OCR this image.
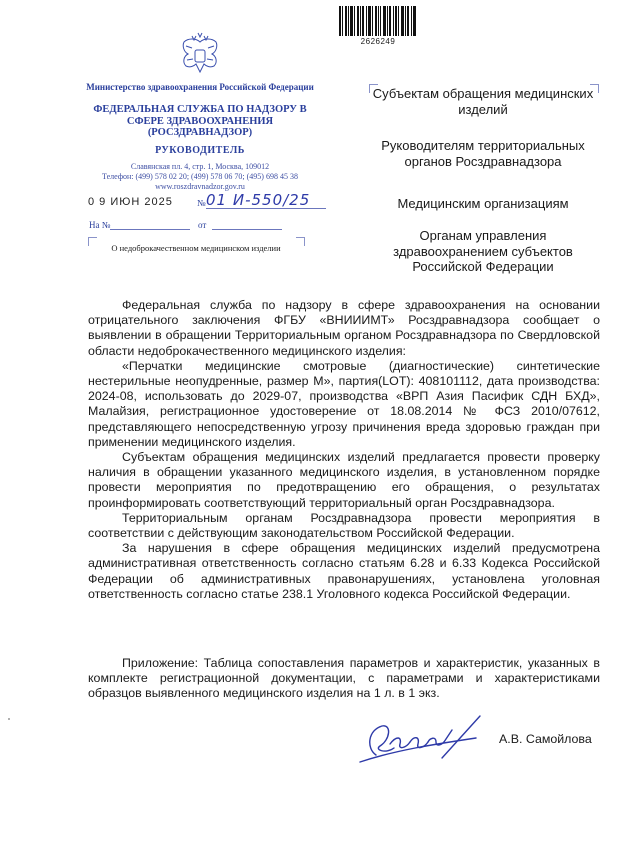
2626249
Министерство здравоохранения Российской Федерации
ФЕДЕРАЛЬНАЯ СЛУЖБА ПО НАДЗОРУ В СФЕРЕ ЗДРАВООХРАНЕНИЯ (РОСЗДРАВНАДЗОР)
РУКОВОДИТЕЛЬ
Славянская пл. 4, стр. 1, Москва, 109012
Телефон: (499) 578 02 20; (499) 578 06 70; (495) 698 45 38
www.roszdravnadzor.gov.ru
0 9 ИЮН 2025	№ 01 И-550/25
На №	от
О недоброкачественном медицинском изделии
Субъектам обращения медицинских изделий
Руководителям территориальных органов Росздравнадзора
Медицинским организациям
Органам управления здравоохранением субъектов Российской Федерации

Федеральная служба по надзору в сфере здравоохранения на основании отрицательного заключения ФГБУ «ВНИИИМТ» Росздравнадзора сообщает о выявлении в обращении Территориальным органом Росздравнадзора по Свердловской области недоброкачественного медицинского изделия:

«Перчатки медицинские смотровые (диагностические) синтетические нестерильные неопудренные, размер M», партия(LOT): 408101112, дата производства: 2024-08, использовать до 2029-07, производства «ВРП Азия Пасифик СДН БХД», Малайзия, регистрационное удостоверение от 18.08.2014 № ФСЗ 2010/07612, представляющего непосредственную угрозу причинения вреда здоровью граждан при применении медицинского изделия.

Субъектам обращения медицинских изделий предлагается провести проверку наличия в обращении указанного медицинского изделия, в установленном порядке провести мероприятия по предотвращению его обращения, о результатах проинформировать соответствующий территориальный орган Росздравнадзора.

Территориальным органам Росздравнадзора провести мероприятия в соответствии с действующим законодательством Российской Федерации.

За нарушения в сфере обращения медицинских изделий предусмотрена административная ответственность согласно статьям 6.28 и 6.33 Кодекса Российской Федерации об административных правонарушениях, установлена уголовная ответственность согласно статье 238.1 Уголовного кодекса Российской Федерации.

Приложение: Таблица сопоставления параметров и характеристик, указанных в комплекте регистрационной документации, с параметрами и характеристиками образцов выявленного медицинского изделия на 1 л. в 1 экз.

А.В. Самойлова
